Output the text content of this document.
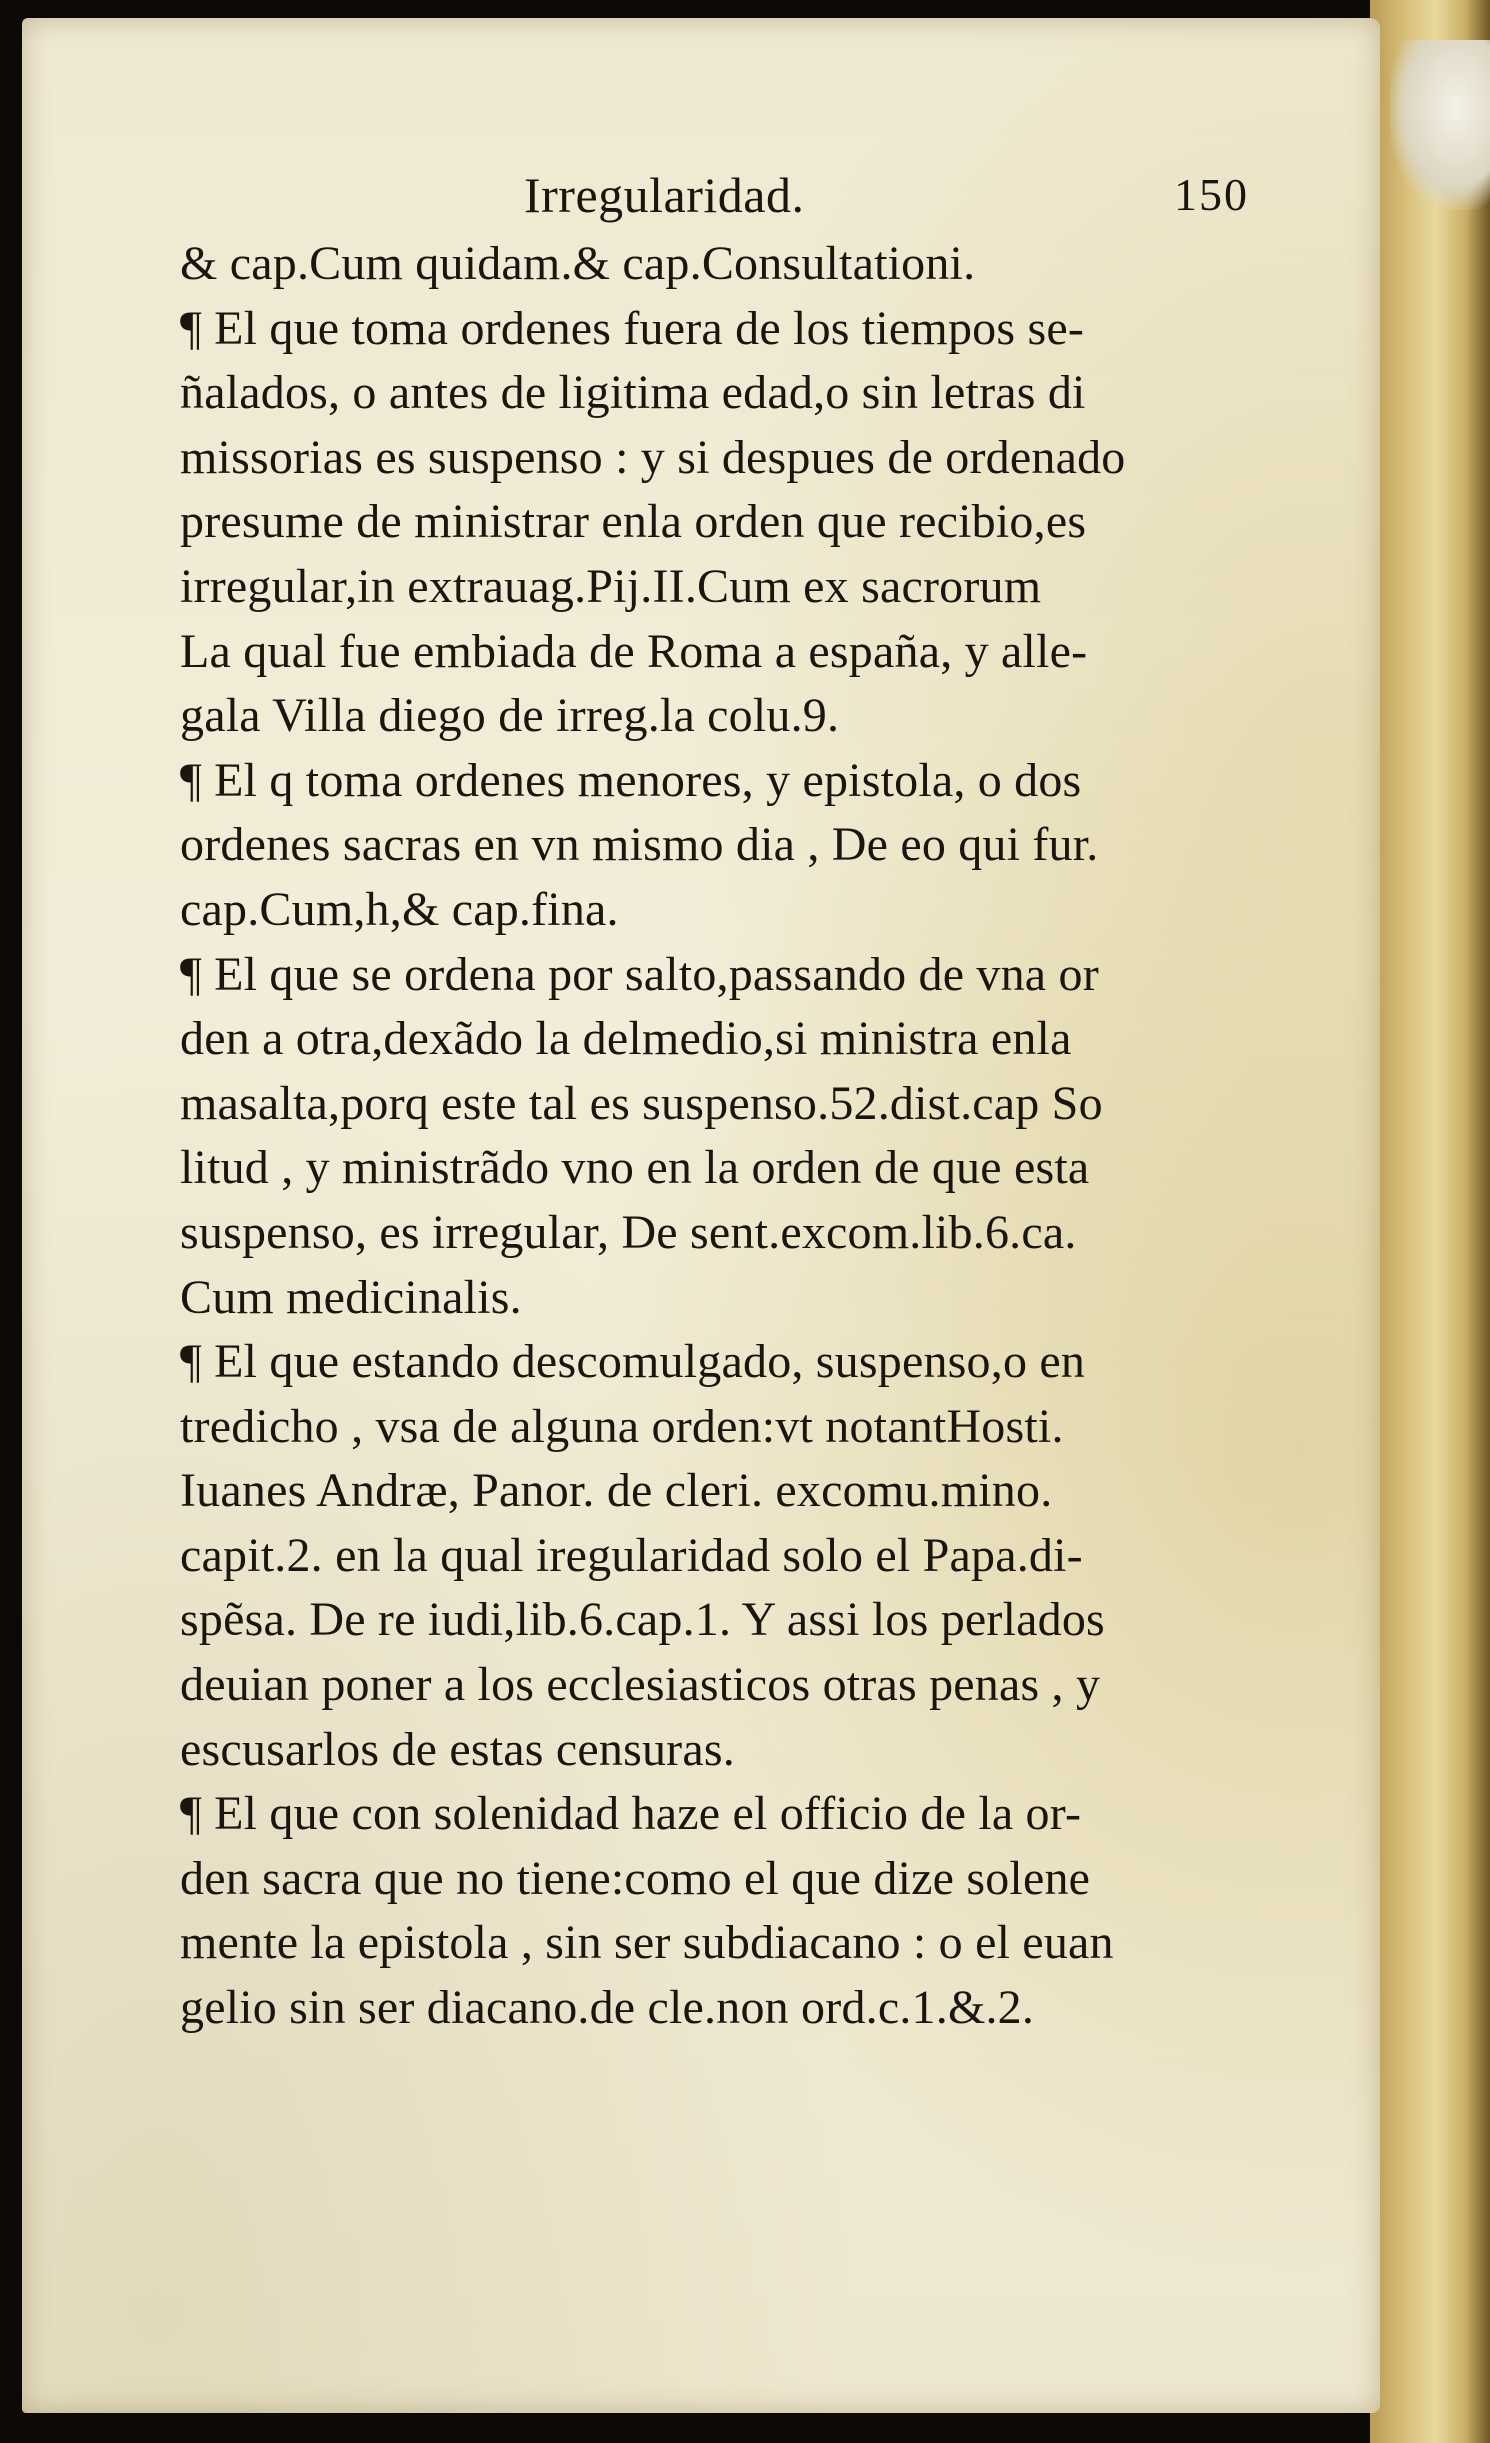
Irregularidad.	150
& cap.Cum quidam.& cap.Consultationi.
¶ El que toma ordenes fuera de los tiempos se-
ñalados, o antes de ligitima edad,o sin letras di
missorias es suspenso : y si despues de ordenado
presume de ministrar enla orden que recibio,es
irregular,in extrauag.Pij.II.Cum ex sacrorum
La qual fue embiada de Roma a españa, y alle-
gala Villa diego de irreg.la colu.9.
¶ El q toma ordenes menores, y epistola, o dos
ordenes sacras en vn mismo dia , De eo qui fur.
cap.Cum,h,& cap.fina.
¶ El que se ordena por salto,passando de vna or
den a otra,dexãdo la delmedio,si ministra enla
masalta,porq este tal es suspenso.52.dist.cap So
litud , y ministrãdo vno en la orden de que esta
suspenso, es irregular, De sent.excom.lib.6.ca.
Cum medicinalis.
¶ El que estando descomulgado, suspenso,o en
tredicho , vsa de alguna orden:vt notantHosti.
Iuanes Andræ, Panor. de cleri. excomu.mino.
capit.2. en la qual iregularidad solo el Papa.di-
spẽsa. De re iudi,lib.6.cap.1. Y assi los perlados
deuian poner a los ecclesiasticos otras penas , y
escusarlos de estas censuras.
¶ El que con solenidad haze el officio de la or-
den sacra que no tiene:como el que dize solene
mente la epistola , sin ser subdiacano : o el euan
gelio sin ser diacano.de cle.non ord.c.1.&.2.
